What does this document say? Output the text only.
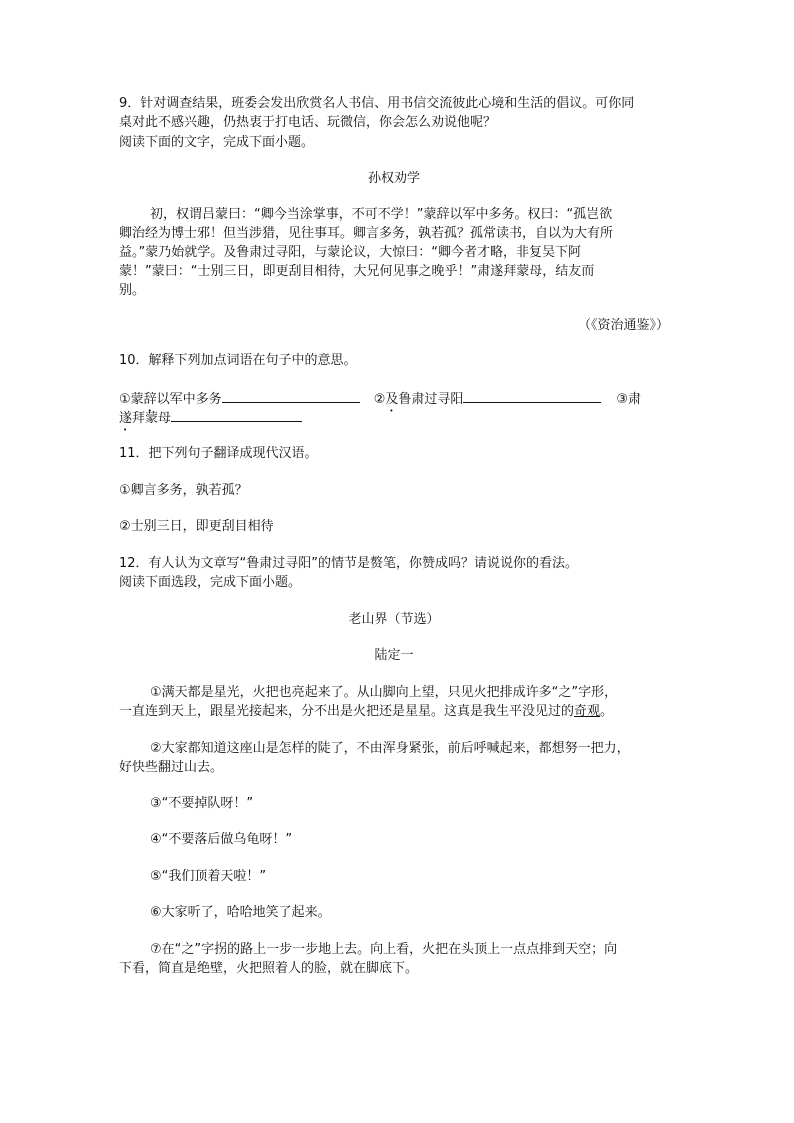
9．针对调查结果，班委会发出欣赏名人书信、用书信交流彼此心境和生活的倡议。可你同
桌对此不感兴趣，仍热衷于打电话、玩微信，你会怎么劝说他呢？
阅读下面的文字，完成下面小题。
孙权劝学
初，权谓吕蒙曰：“卿今当涂掌事，不可不学！”蒙辞以军中多务。权曰：“孤岂欲
卿治经为博士邪！但当涉猎，见往事耳。卿言多务，孰若孤？孤常读书，自以为大有所
益。”蒙乃始就学。及鲁肃过寻阳，与蒙论议，大惊曰：“卿今者才略，非复吴下阿
蒙！”蒙曰：“士别三日，即更刮目相待，大兄何见事之晚乎！”肃遂拜蒙母，结友而
别。
（《资治通鉴》）
10．解释下列加点词语在句子中的意思。
①蒙辞以军中多务	②及鲁肃过寻阳	③肃
遂拜蒙母
11．把下列句子翻译成现代汉语。
①卿言多务，孰若孤？
②士别三日，即更刮目相待
12．有人认为文章写“鲁肃过寻阳”的情节是赘笔，你赞成吗？请说说你的看法。
阅读下面选段，完成下面小题。
老山界（节选）
陆定一
①满天都是星光，火把也亮起来了。从山脚向上望，只见火把排成许多“之”字形，
一直连到天上，跟星光接起来，分不出是火把还是星星。这真是我生平没见过的奇观。
②大家都知道这座山是怎样的陡了，不由浑身紧张，前后呼喊起来，都想努一把力，
好快些翻过山去。
③“不要掉队呀！”
④“不要落后做乌龟呀！”
⑤“我们顶着天啦！”
⑥大家听了，哈哈地笑了起来。
⑦在“之”字拐的路上一步一步地上去。向上看，火把在头顶上一点点排到天空；向
下看，简直是绝壁，火把照着人的脸，就在脚底下。
